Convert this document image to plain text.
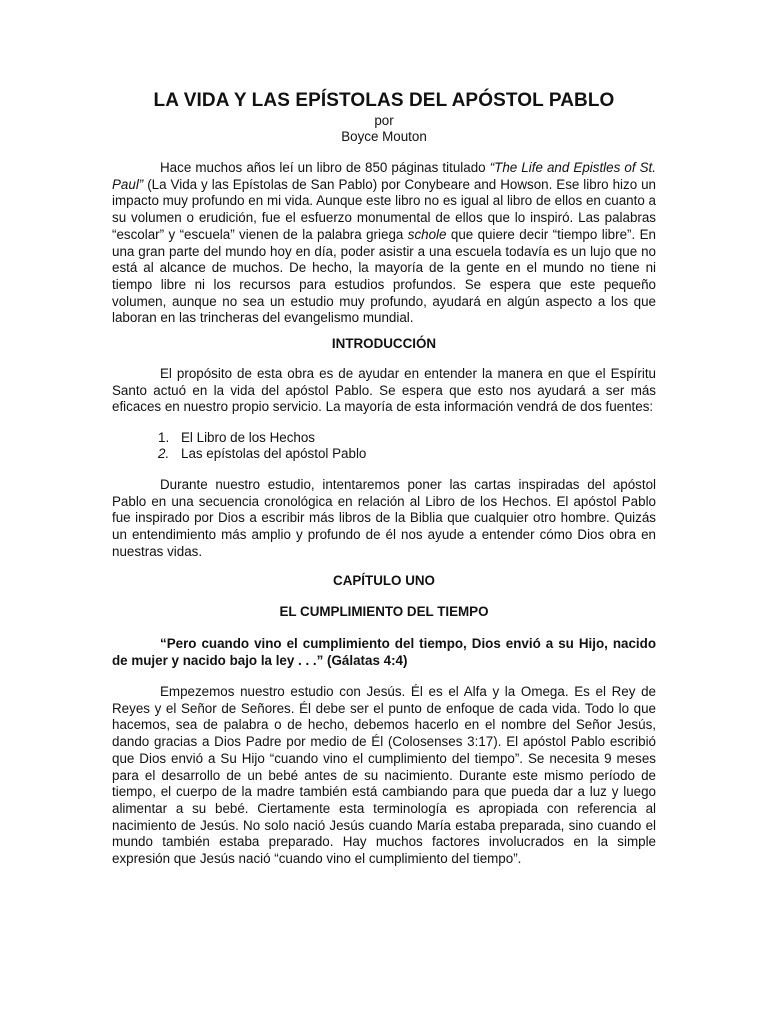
LA VIDA Y LAS EPÍSTOLAS DEL APÓSTOL PABLO
por
Boyce Mouton

Hace muchos años leí un libro de 850 páginas titulado “The Life and Epistles of St. Paul” (La Vida y las Epístolas de San Pablo) por Conybeare and Howson. Ese libro hizo un impacto muy profundo en mi vida. Aunque este libro no es igual al libro de ellos en cuanto a su volumen o erudición, fue el esfuerzo monumental de ellos que lo inspiró. Las palabras “escolar” y “escuela” vienen de la palabra griega schole que quiere decir “tiempo libre”. En una gran parte del mundo hoy en día, poder asistir a una escuela todavía es un lujo que no está al alcance de muchos. De hecho, la mayoría de la gente en el mundo no tiene ni tiempo libre ni los recursos para estudios profundos. Se espera que este pequeño volumen, aunque no sea un estudio muy profundo, ayudará en algún aspecto a los que laboran en las trincheras del evangelismo mundial.

INTRODUCCIÓN

El propósito de esta obra es de ayudar en entender la manera en que el Espíritu Santo actuó en la vida del apóstol Pablo. Se espera que esto nos ayudará a ser más eficaces en nuestro propio servicio. La mayoría de esta información vendrá de dos fuentes:

1. El Libro de los Hechos
2. Las epístolas del apóstol Pablo

Durante nuestro estudio, intentaremos poner las cartas inspiradas del apóstol Pablo en una secuencia cronológica en relación al Libro de los Hechos. El apóstol Pablo fue inspirado por Dios a escribir más libros de la Biblia que cualquier otro hombre. Quizás un entendimiento más amplio y profundo de él nos ayude a entender cómo Dios obra en nuestras vidas.

CAPÍTULO UNO
EL CUMPLIMIENTO DEL TIEMPO

“Pero cuando vino el cumplimiento del tiempo, Dios envió a su Hijo, nacido de mujer y nacido bajo la ley . . .” (Gálatas 4:4)

Empezemos nuestro estudio con Jesús. Él es el Alfa y la Omega. Es el Rey de Reyes y el Señor de Señores. Él debe ser el punto de enfoque de cada vida. Todo lo que hacemos, sea de palabra o de hecho, debemos hacerlo en el nombre del Señor Jesús, dando gracias a Dios Padre por medio de Él (Colosenses 3:17). El apóstol Pablo escribió que Dios envió a Su Hijo “cuando vino el cumplimiento del tiempo”. Se necesita 9 meses para el desarrollo de un bebé antes de su nacimiento. Durante este mismo período de tiempo, el cuerpo de la madre también está cambiando para que pueda dar a luz y luego alimentar a su bebé. Ciertamente esta terminología es apropiada con referencia al nacimiento de Jesús. No solo nació Jesús cuando María estaba preparada, sino cuando el mundo también estaba preparado. Hay muchos factores involucrados en la simple expresión que Jesús nació “cuando vino el cumplimiento del tiempo”.
